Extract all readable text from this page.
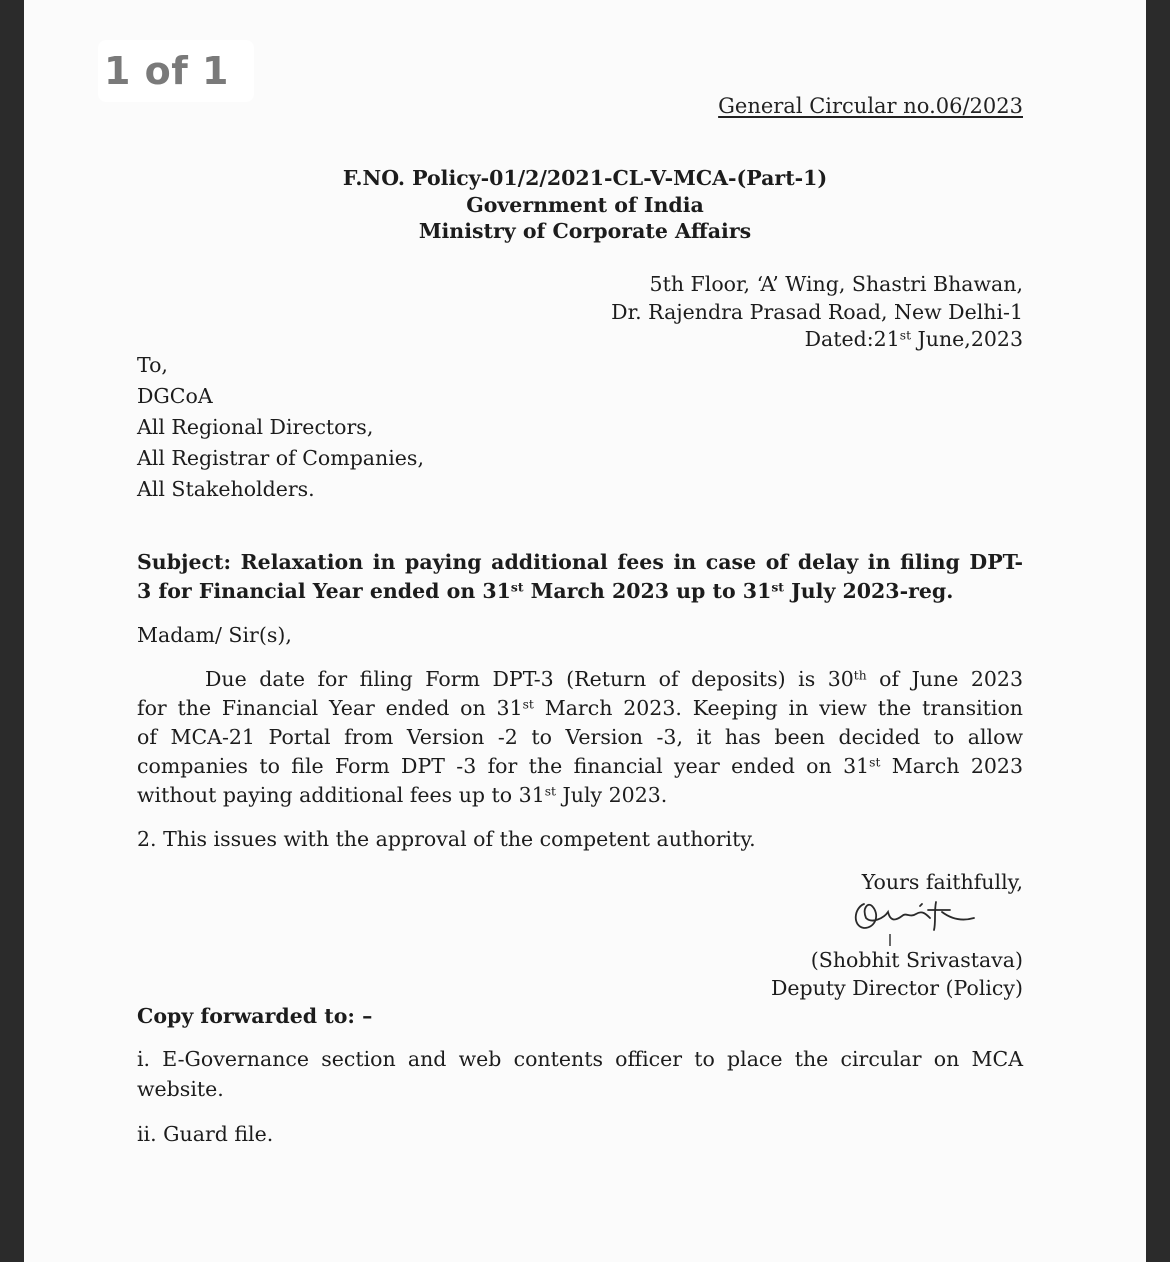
General Circular no.06/2023
F.NO. Policy-01/2/2021-CL-V-MCA-(Part-1)
Government of India
Ministry of Corporate Affairs
5th Floor, ‘A’ Wing, Shastri Bhawan,
Dr. Rajendra Prasad Road, New Delhi-1
Dated:21st June,2023
To,
DGCoA
All Regional Directors,
All Registrar of Companies,
All Stakeholders.
Subject: Relaxation in paying additional fees in case of delay in filing DPT-
3 for Financial Year ended on 31st March 2023 up to 31st July 2023-reg.
Madam/ Sir(s),
Due date for filing Form DPT-3 (Return of deposits) is 30th of June 2023
for the Financial Year ended on 31st March 2023. Keeping in view the transition
of MCA-21 Portal from Version -2 to Version -3, it has been decided to allow
companies to file Form DPT -3 for the financial year ended on 31st March 2023
without paying additional fees up to 31st July 2023.
2. This issues with the approval of the competent authority.
Yours faithfully,
(Shobhit Srivastava)
Deputy Director (Policy)
Copy forwarded to: –
i. E-Governance section and web contents officer to place the circular on MCA
website.
ii. Guard file.
1 of 1
